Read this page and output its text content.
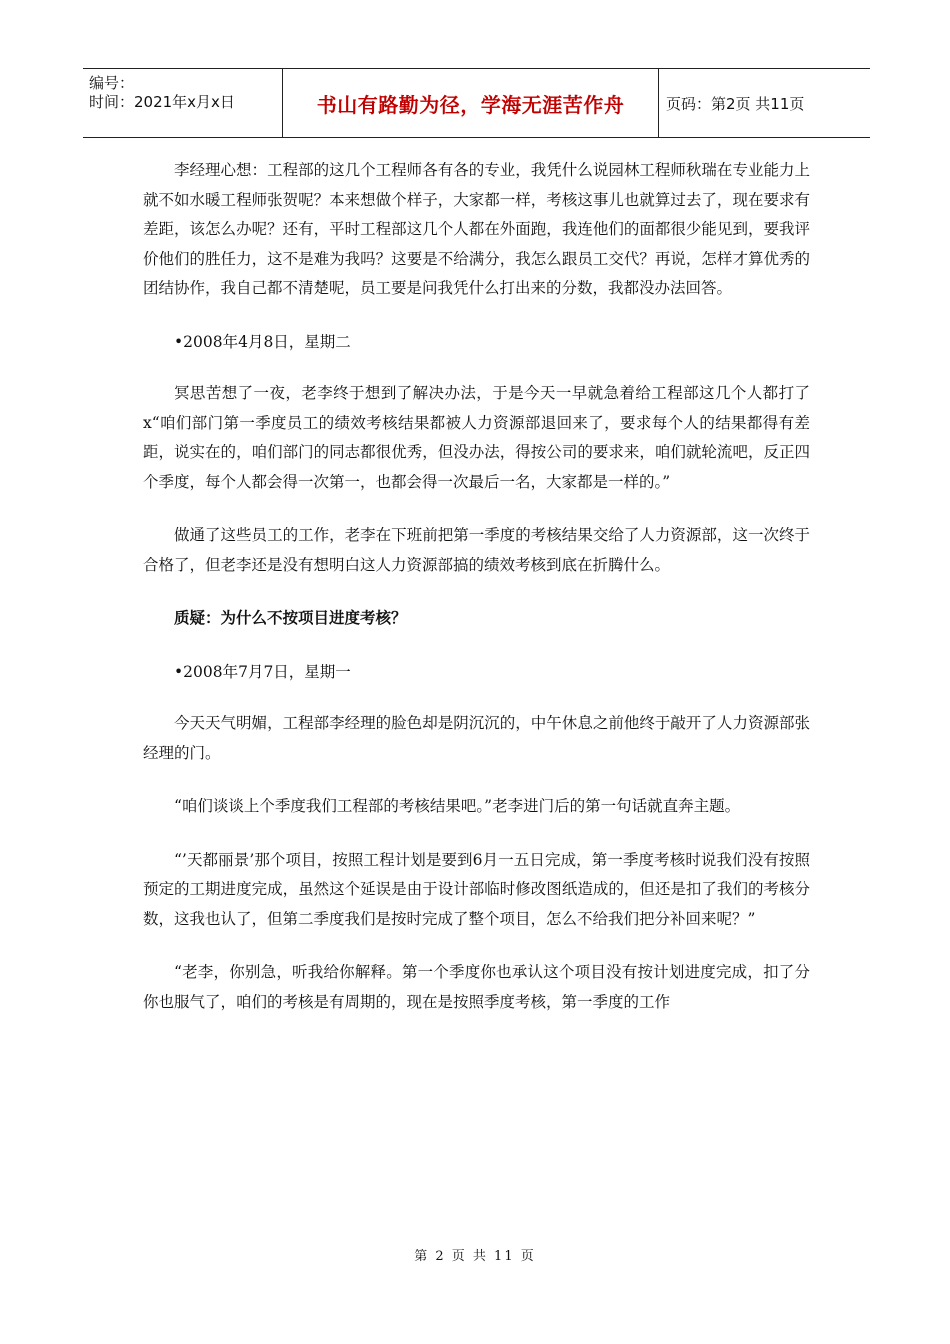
编号：
时间：2021年x月x日	书山有路勤为径，学海无涯苦作舟	页码：第2页 共11页

李经理心想：工程部的这几个工程师各有各的专业，我凭什么说园林工程师秋瑞在专业能力上就不如水暖工程师张贺呢？本来想做个样子，大家都一样，考核这事儿也就算过去了，现在要求有差距，该怎么办呢？还有，平时工程部这几个人都在外面跑，我连他们的面都很少能见到，要我评价他们的胜任力，这不是难为我吗？这要是不给满分，我怎么跟员工交代？再说，怎样才算优秀的团结协作，我自己都不清楚呢，员工要是问我凭什么打出来的分数，我都没办法回答。

•2008年4月8日，星期二

冥思苦想了一夜，老李终于想到了解决办法，于是今天一早就急着给工程部这几个人都打了x“咱们部门第一季度员工的绩效考核结果都被人力资源部退回来了，要求每个人的结果都得有差距，说实在的，咱们部门的同志都很优秀，但没办法，得按公司的要求来，咱们就轮流吧，反正四个季度，每个人都会得一次第一，也都会得一次最后一名，大家都是一样的。”

做通了这些员工的工作，老李在下班前把第一季度的考核结果交给了人力资源部，这一次终于合格了，但老李还是没有想明白这人力资源部搞的绩效考核到底在折腾什么。

质疑：为什么不按项目进度考核？

•2008年7月7日，星期一

今天天气明媚，工程部李经理的脸色却是阴沉沉的，中午休息之前他终于敲开了人力资源部张经理的门。

“咱们谈谈上个季度我们工程部的考核结果吧。”老李进门后的第一句话就直奔主题。

“’天都丽景’那个项目，按照工程计划是要到6月一五日完成，第一季度考核时说我们没有按照预定的工期进度完成，虽然这个延误是由于设计部临时修改图纸造成的，但还是扣了我们的考核分数，这我也认了，但第二季度我们是按时完成了整个项目，怎么不给我们把分补回来呢？”

“老李，你别急，听我给你解释。第一个季度你也承认这个项目没有按计划进度完成，扣了分你也服气了，咱们的考核是有周期的，现在是按照季度考核，第一季度的工作

第 2 页 共 11 页
